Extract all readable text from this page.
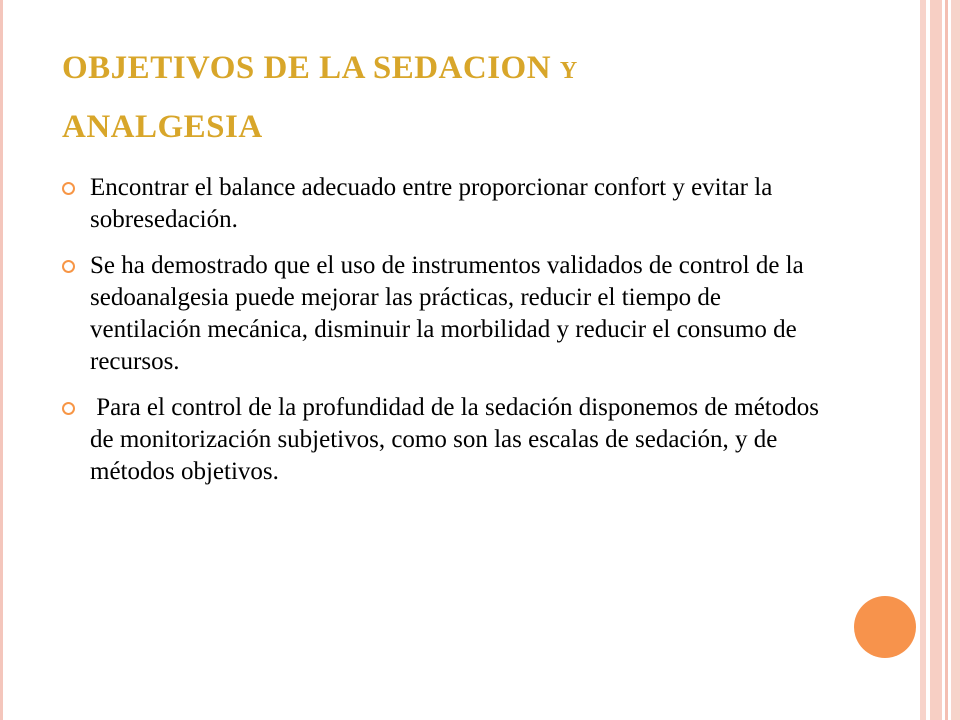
OBJETIVOS DE LA SEDACION Y
ANALGESIA
Encontrar el balance adecuado entre proporcionar confort y evitar la sobresedación.
Se ha demostrado que el uso de instrumentos validados de control de la sedoanalgesia puede mejorar las prácticas, reducir el tiempo de ventilación mecánica, disminuir la morbilidad y reducir el consumo de recursos.
Para el control de la profundidad de la sedación disponemos de métodos de monitorización subjetivos, como son las escalas de sedación, y de métodos objetivos.
